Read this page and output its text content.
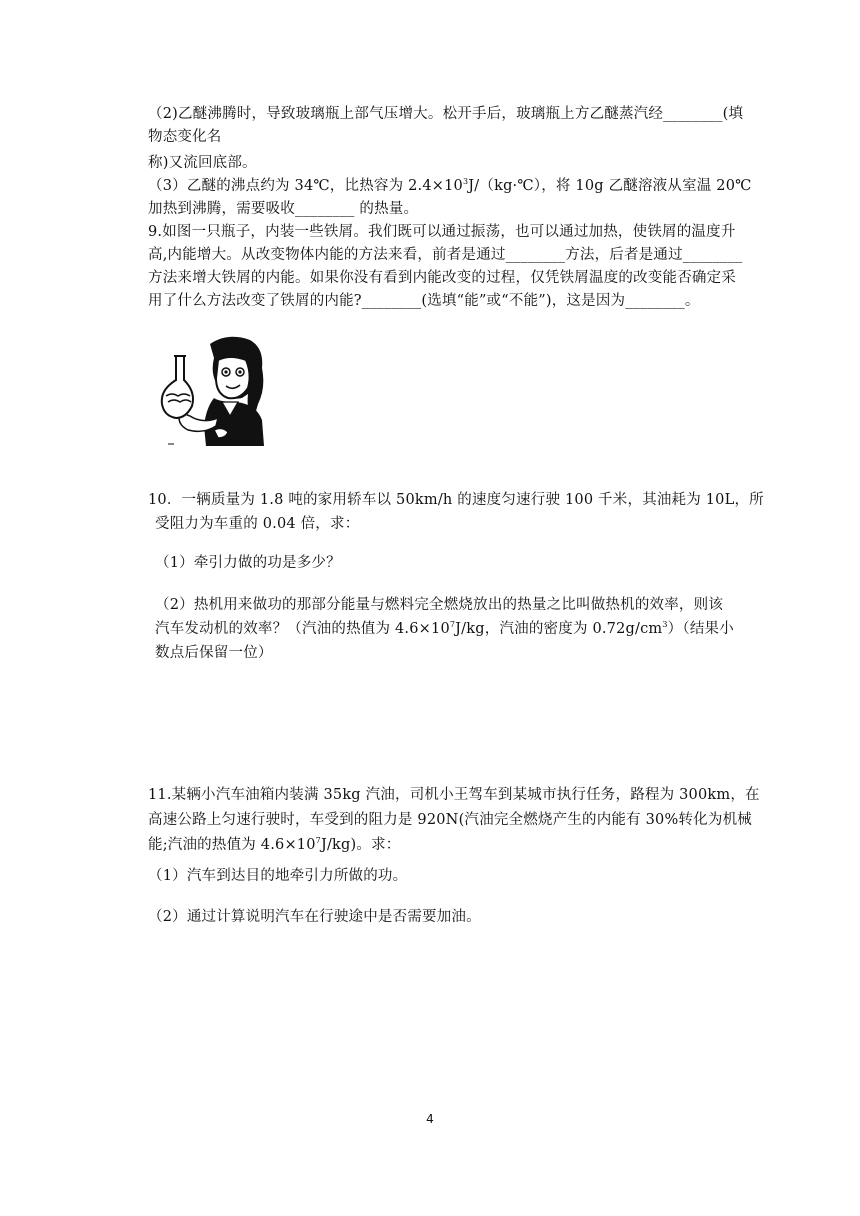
（2)乙醚沸腾时，导致玻璃瓶上部气压增大。松开手后，玻璃瓶上方乙醚蒸汽经________(填
物态变化名
称)又流回底部。
（3）乙醚的沸点约为 34℃，比热容为 $2.4\times 10^3J/(kg\cdot℃)$，将 10g 乙醚溶液从室温 20℃
加热到沸腾，需要吸收________ 的热量。
9.如图一只瓶子，内装一些铁屑。我们既可以通过振荡，也可以通过加热，使铁屑的温度升
高,内能增大。从改变物体内能的方法来看，前者是通过________方法，后者是通过________
方法来增大铁屑的内能。如果你没有看到内能改变的过程，仅凭铁屑温度的改变能否确定采
用了什么方法改变了铁屑的内能?________(选填“能”或“不能”)，这是因为________。
10．一辆质量为 1.8 吨的家用轿车以 50km/h 的速度匀速行驶 100 千米，其油耗为 10L，所
受阻力为车重的 0.04 倍，求：
（1）牵引力做的功是多少？
（2）热机用来做功的那部分能量与燃料完全燃烧放出的热量之比叫做热机的效率，则该
汽车发动机的效率？（汽油的热值为 $4.6\times 10^7J/kg$，汽油的密度为 $0.72g/cm^3$）（结果小
数点后保留一位）
11.某辆小汽车油箱内装满 35kg 汽油，司机小王驾车到某城市执行任务，路程为 300km，在
高速公路上匀速行驶时，车受到的阻力是 920N(汽油完全燃烧产生的内能有 30%转化为机械
能;汽油的热值为 $4.6\times 10^7J/kg$)。求：
（1）汽车到达目的地牵引力所做的功。
（2）通过计算说明汽车在行驶途中是否需要加油。
4
